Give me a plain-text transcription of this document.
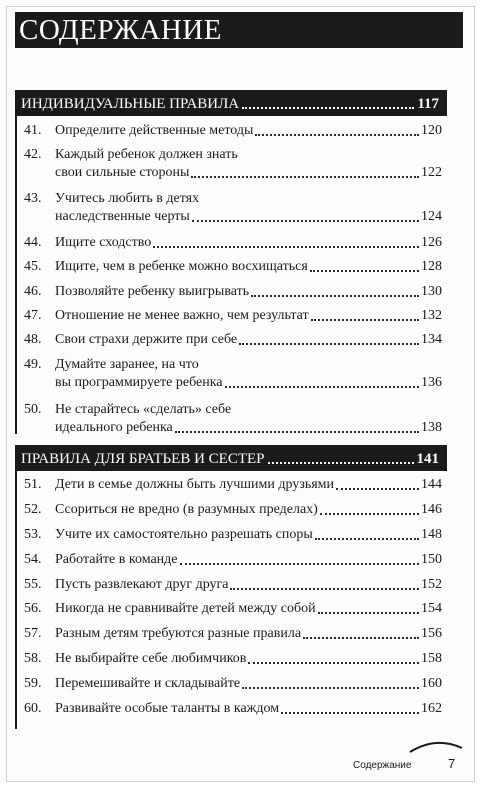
СОДЕРЖАНИЕ
ИНДИВИДУАЛЬНЫЕ ПРАВИЛА	117
41. Определите действенные методы	120
42. Каждый ребенок должен знать
свои сильные стороны	122
43. Учитесь любить в детях
наследственные черты	124
44. Ищите сходство	126
45. Ищите, чем в ребенке можно восхищаться	128
46. Позволяйте ребенку выигрывать	130
47. Отношение не менее важно, чем результат	132
48. Свои страхи держите при себе	134
49. Думайте заранее, на что
вы программируете ребенка	136
50. Не старайтесь «сделать» себе
идеального ребенка	138
ПРАВИЛА ДЛЯ БРАТЬЕВ И СЕСТЕР	141
51. Дети в семье должны быть лучшими друзьями	144
52. Ссориться не вредно (в разумных пределах)	146
53. Учите их самостоятельно разрешать споры	148
54. Работайте в команде	150
55. Пусть развлекают друг друга	152
56. Никогда не сравнивайте детей между собой	154
57. Разным детям требуются разные правила	156
58. Не выбирайте себе любимчиков	158
59. Перемешивайте и складывайте	160
60. Развивайте особые таланты в каждом	162
Содержание	7
